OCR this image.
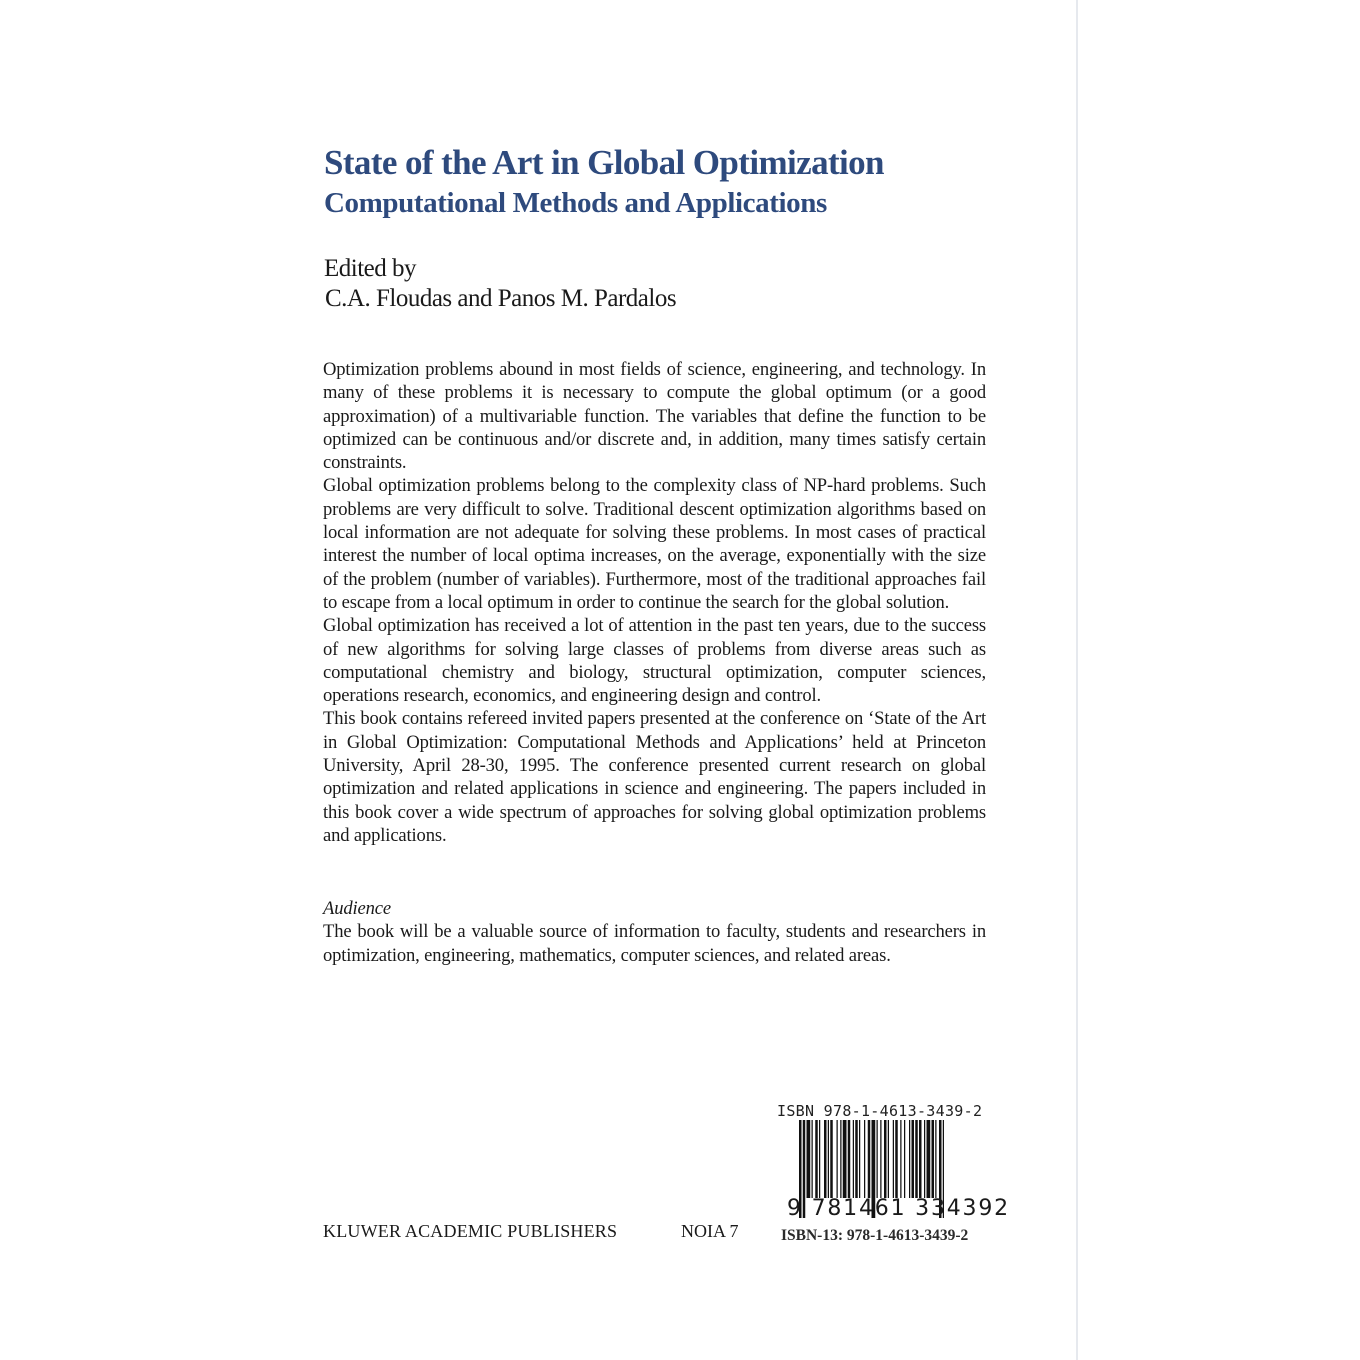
State of the Art in Global Optimization
Computational Methods and Applications
Edited by
C.A. Floudas and Panos M. Pardalos

Optimization problems abound in most fields of science, engineering, and technology. In many of these problems it is necessary to compute the global optimum (or a good approximation) of a multivariable function. The variables that define the function to be optimized can be continuous and/or discrete and, in addition, many times satisfy certain constraints.

Global optimization problems belong to the complexity class of NP-hard problems. Such problems are very difficult to solve. Traditional descent optimization algorithms based on local information are not adequate for solving these problems. In most cases of practical interest the number of local optima increases, on the average, exponentially with the size of the problem (number of variables). Furthermore, most of the traditional approaches fail to escape from a local optimum in order to continue the search for the global solution.

Global optimization has received a lot of attention in the past ten years, due to the success of new algorithms for solving large classes of problems from diverse areas such as computational chemistry and biology, structural optimization, computer sciences, operations research, economics, and engineering design and control.

This book contains refereed invited papers presented at the conference on ‘State of the Art in Global Optimization: Computational Methods and Applications’ held at Princeton University, April 28-30, 1995. The conference presented current research on global optimization and related applications in science and engineering. The papers included in this book cover a wide spectrum of approaches for solving global optimization problems and applications.

Audience

The book will be a valuable source of information to faculty, students and researchers in optimization, engineering, mathematics, computer sciences, and related areas.

KLUWER ACADEMIC PUBLISHERS	NOIA 7
ISBN 978-1-4613-3439-2
9 781461 334392
ISBN-13: 978-1-4613-3439-2
